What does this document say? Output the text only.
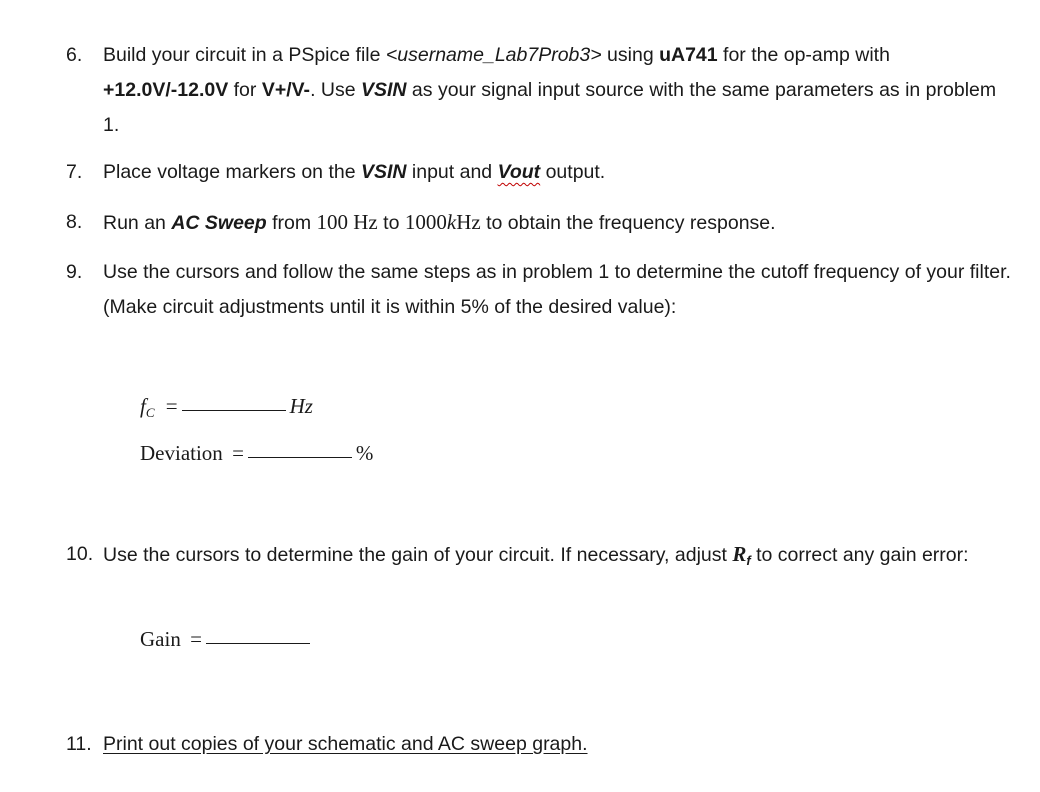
6. Build your circuit in a PSpice file <username_Lab7Prob3> using uA741 for the op-amp with +12.0V/-12.0V for V+/V-. Use VSIN as your signal input source with the same parameters as in problem 1.
7. Place voltage markers on the VSIN input and Vout output.
8. Run an AC Sweep from 100 Hz to 1000kHz to obtain the frequency response.
9. Use the cursors and follow the same steps as in problem 1 to determine the cutoff frequency of your filter. (Make circuit adjustments until it is within 5% of the desired value):
fC =	Hz
Deviation =	%
10. Use the cursors to determine the gain of your circuit. If necessary, adjust $R_f$ to correct any gain error:
Gain =
11. Print out copies of your schematic and AC sweep graph.
